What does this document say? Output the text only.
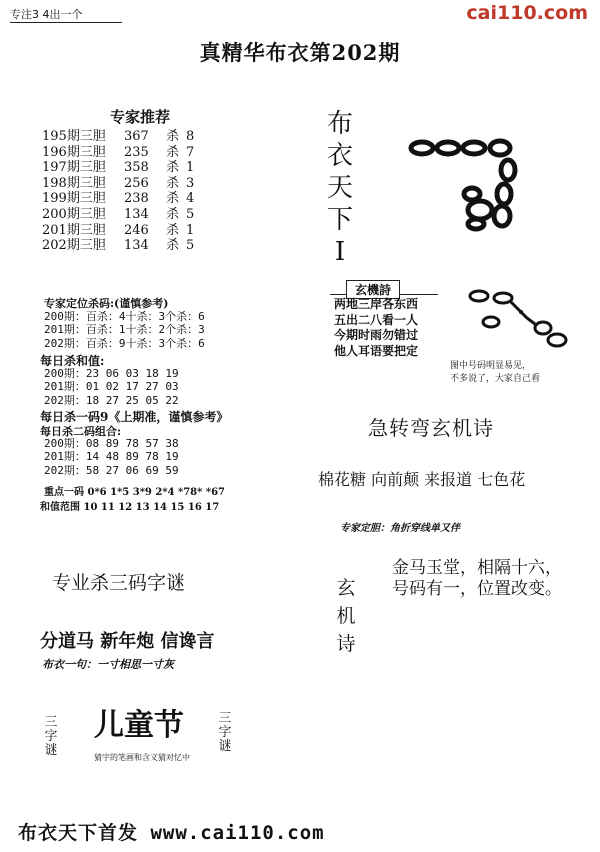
专注3 4出一个	cai110.com
真精华布衣第202期
专家推荐
195期三胆 367 杀 8
196期三胆 235 杀 7
197期三胆 358 杀 1
198期三胆 256 杀 3
199期三胆 238 杀 4
200期三胆 134 杀 5
201期三胆 246 杀 1
202期三胆 134 杀 5
专家定位杀码:(谨慎参考)
200期：百杀：4十杀：3个杀：6
201期：百杀：1十杀：2个杀：3
202期：百杀：9十杀：3个杀：6
每日杀和值:
200期：23 06 03 18 19
201期：01 02 17 27 03
202期：18 27 25 05 22
每日杀一码9《上期准，谨慎参考》
每日杀二码组合:
200期：08 89 78 57 38
201期：14 48 89 78 19
202期：58 27 06 69 59
重点一码 0*6 1*5 3*9 2*4 *78* *67
和值范围 10 11 12 13 14 15 16 17
专业杀三码字谜
分道马 新年炮 信谗言
布衣一句：一寸相思一寸灰
三字谜
儿童节
猜字的笔画和含义猜对忆中
三字谜
布衣天下I
玄機詩
两地三岸各东西
五出二八看一人
今期时雨勿错过
他人耳语要把定
图中号码明显易见，
不多说了，大家自己看
急转弯玄机诗
棉花糖 向前颠 来报道 七色花
专家定胆：角折穿线单又伴
玄机诗
金马玉堂，相隔十六，
号码有一，位置改变。
布衣天下首发 www.cai110.com
